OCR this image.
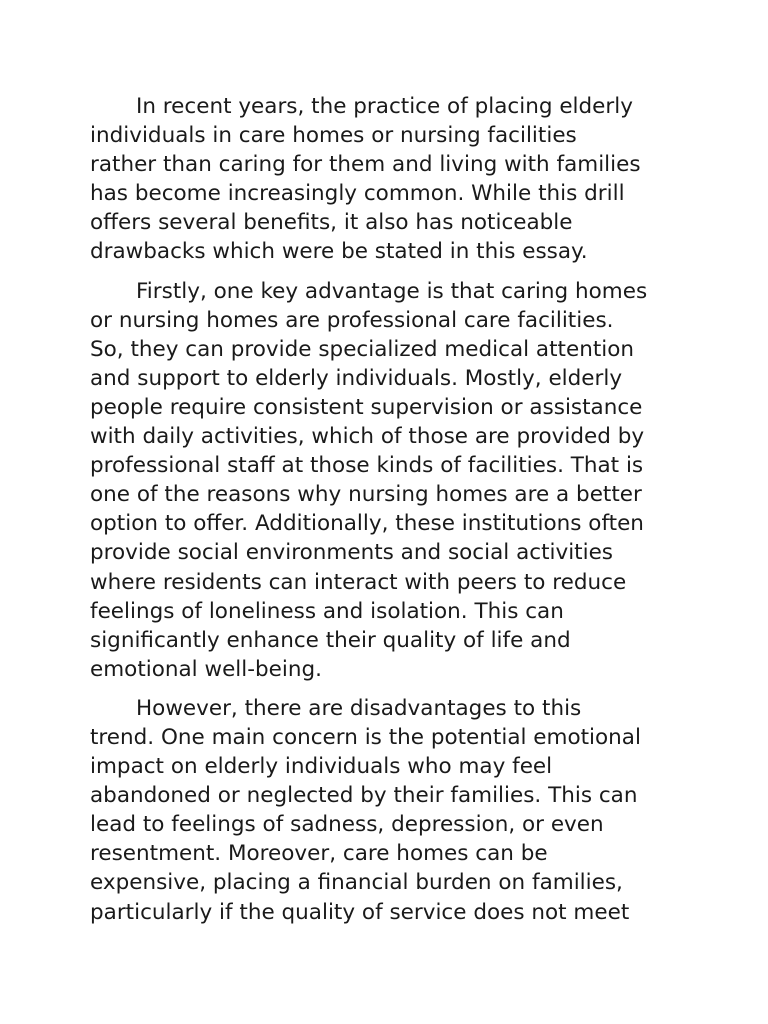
In recent years, the practice of placing elderly
individuals in care homes or nursing facilities
rather than caring for them and living with families
has become increasingly common. While this drill
offers several benefits, it also has noticeable
drawbacks which were be stated in this essay.
Firstly, one key advantage is that caring homes
or nursing homes are professional care facilities.
So, they can provide specialized medical attention
and support to elderly individuals. Mostly, elderly
people require consistent supervision or assistance
with daily activities, which of those are provided by
professional staff at those kinds of facilities. That is
one of the reasons why nursing homes are a better
option to offer. Additionally, these institutions often
provide social environments and social activities
where residents can interact with peers to reduce
feelings of loneliness and isolation. This can
significantly enhance their quality of life and
emotional well-being.
However, there are disadvantages to this
trend. One main concern is the potential emotional
impact on elderly individuals who may feel
abandoned or neglected by their families. This can
lead to feelings of sadness, depression, or even
resentment. Moreover, care homes can be
expensive, placing a financial burden on families,
particularly if the quality of service does not meet
